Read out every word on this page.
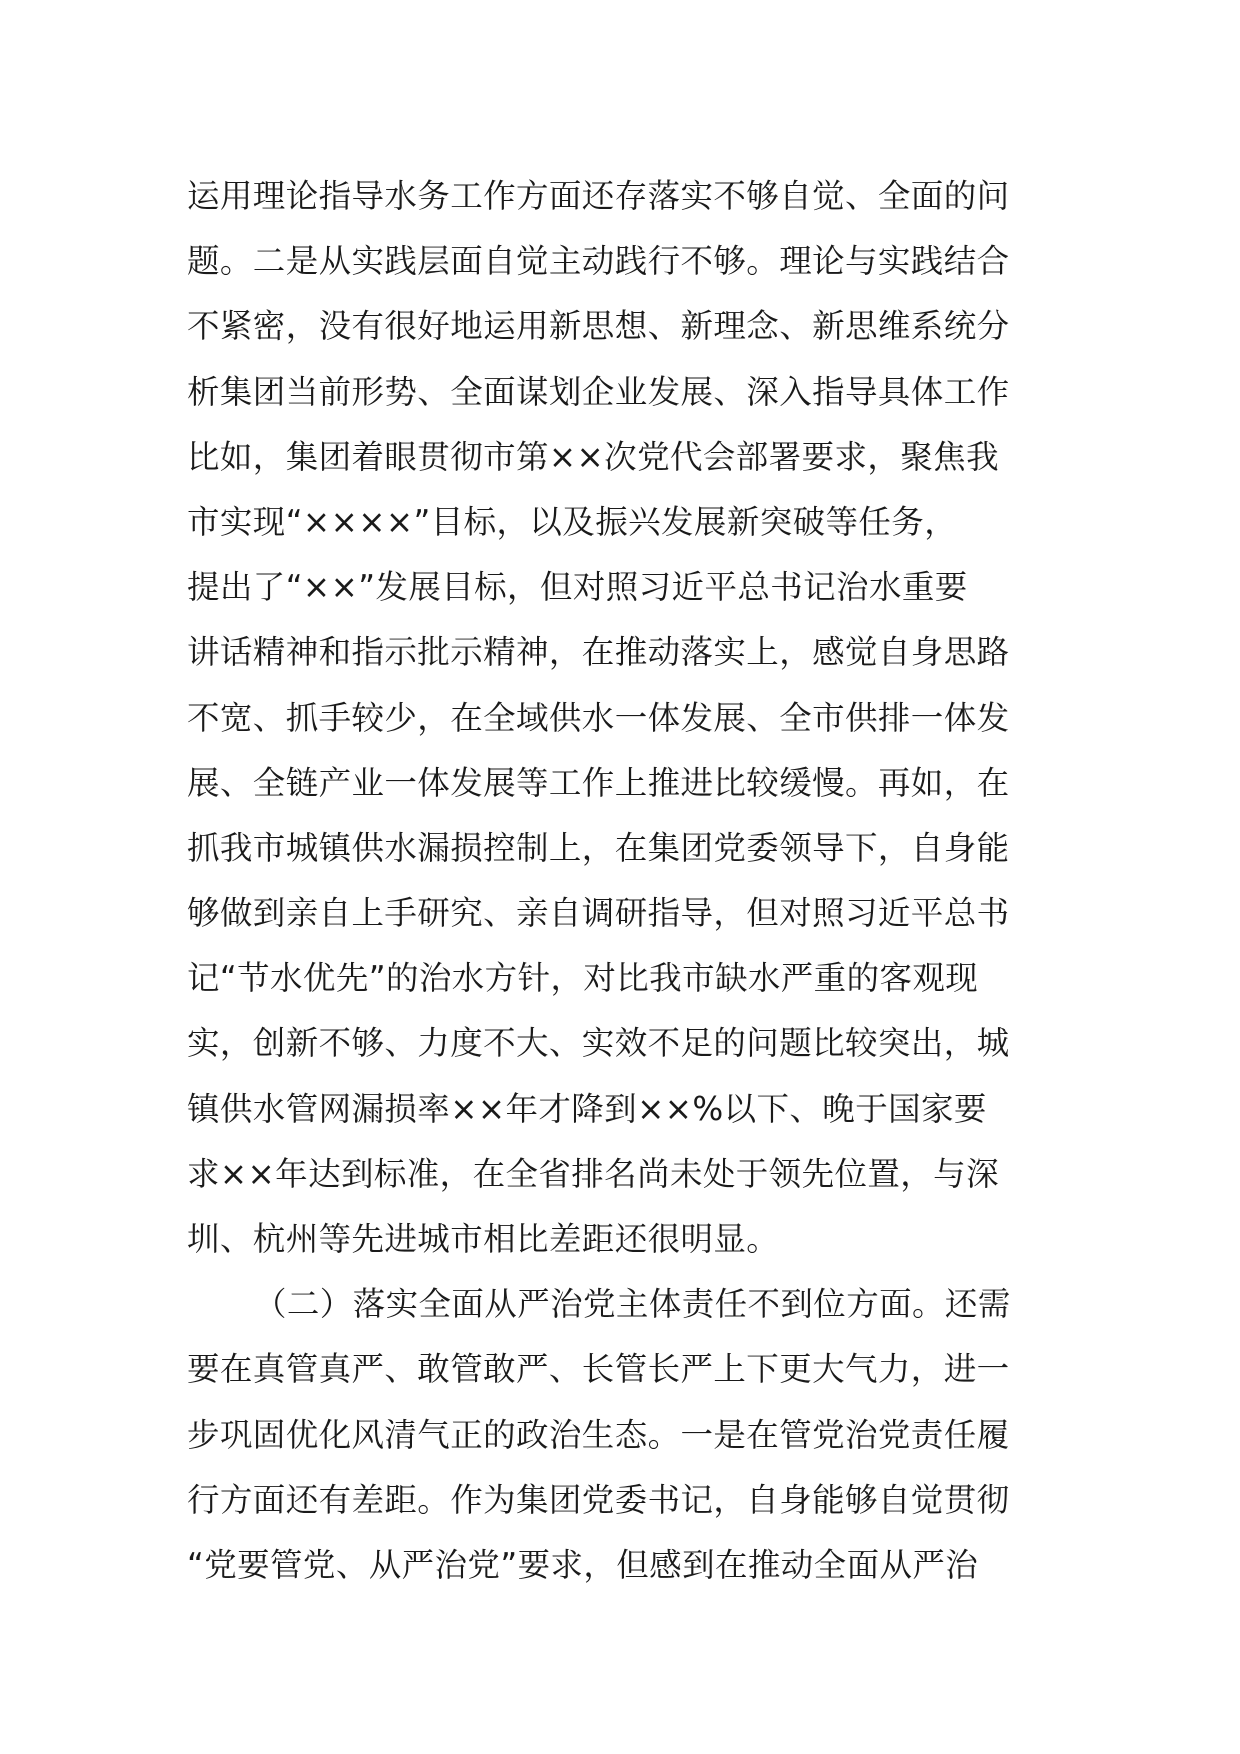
运用理论指导水务工作方面还存落实不够自觉、全面的问
题。二是从实践层面自觉主动践行不够。理论与实践结合
不紧密，没有很好地运用新思想、新理念、新思维系统分
析集团当前形势、全面谋划企业发展、深入指导具体工作
比如，集团着眼贯彻市第××次党代会部署要求，聚焦我
市实现“××××”目标，以及振兴发展新突破等任务，
提出了“××”发展目标，但对照习近平总书记治水重要
讲话精神和指示批示精神，在推动落实上，感觉自身思路
不宽、抓手较少，在全域供水一体发展、全市供排一体发
展、全链产业一体发展等工作上推进比较缓慢。再如，在
抓我市城镇供水漏损控制上，在集团党委领导下，自身能
够做到亲自上手研究、亲自调研指导，但对照习近平总书
记“节水优先”的治水方针，对比我市缺水严重的客观现
实，创新不够、力度不大、实效不足的问题比较突出，城
镇供水管网漏损率××年才降到××%以下、晚于国家要
求××年达到标准，在全省排名尚未处于领先位置，与深
圳、杭州等先进城市相比差距还很明显。
（二）落实全面从严治党主体责任不到位方面。还需
要在真管真严、敢管敢严、长管长严上下更大气力，进一
步巩固优化风清气正的政治生态。一是在管党治党责任履
行方面还有差距。作为集团党委书记，自身能够自觉贯彻
“党要管党、从严治党”要求，但感到在推动全面从严治
